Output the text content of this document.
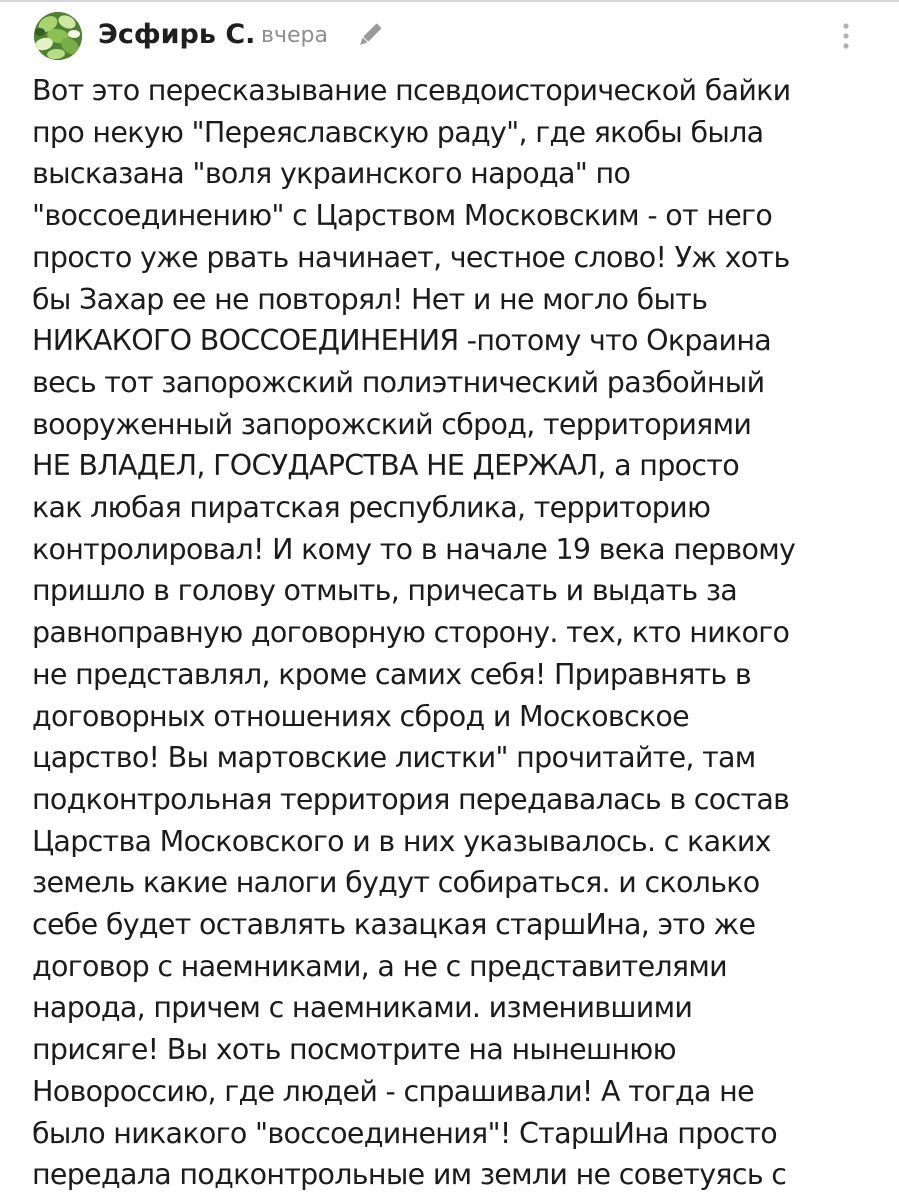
Эсфирь С. вчера
Вот это пересказывание псевдоисторической байки
про некую "Переяславскую раду", где якобы была
высказана "воля украинского народа" по
"воссоединению" с Царством Московским - от него
просто уже рвать начинает, честное слово! Уж хоть
бы Захар ее не повторял! Нет и не могло быть
НИКАКОГО ВОССОЕДИНЕНИЯ -потому что Окраина
весь тот запорожский полиэтнический разбойный
вооруженный запорожский сброд, территориями
НЕ ВЛАДЕЛ, ГОСУДАРСТВА НЕ ДЕРЖАЛ, а просто
как любая пиратская республика, территорию
контролировал! И кому то в начале 19 века первому
пришло в голову отмыть, причесать и выдать за
равноправную договорную сторону. тех, кто никого
не представлял, кроме самих себя! Приравнять в
договорных отношениях сброд и Московское
царство! Вы мартовские листки" прочитайте, там
подконтрольная территория передавалась в состав
Царства Московского и в них указывалось. с каких
земель какие налоги будут собираться. и сколько
себе будет оставлять казацкая старшИна, это же
договор с наемниками, а не с представителями
народа, причем с наемниками. изменившими
присяге! Вы хоть посмотрите на нынешнюю
Новороссию, где людей - спрашивали! А тогда не
было никакого "воссоединения"! СтаршИна просто
передала подконтрольные им земли не советуясь с
